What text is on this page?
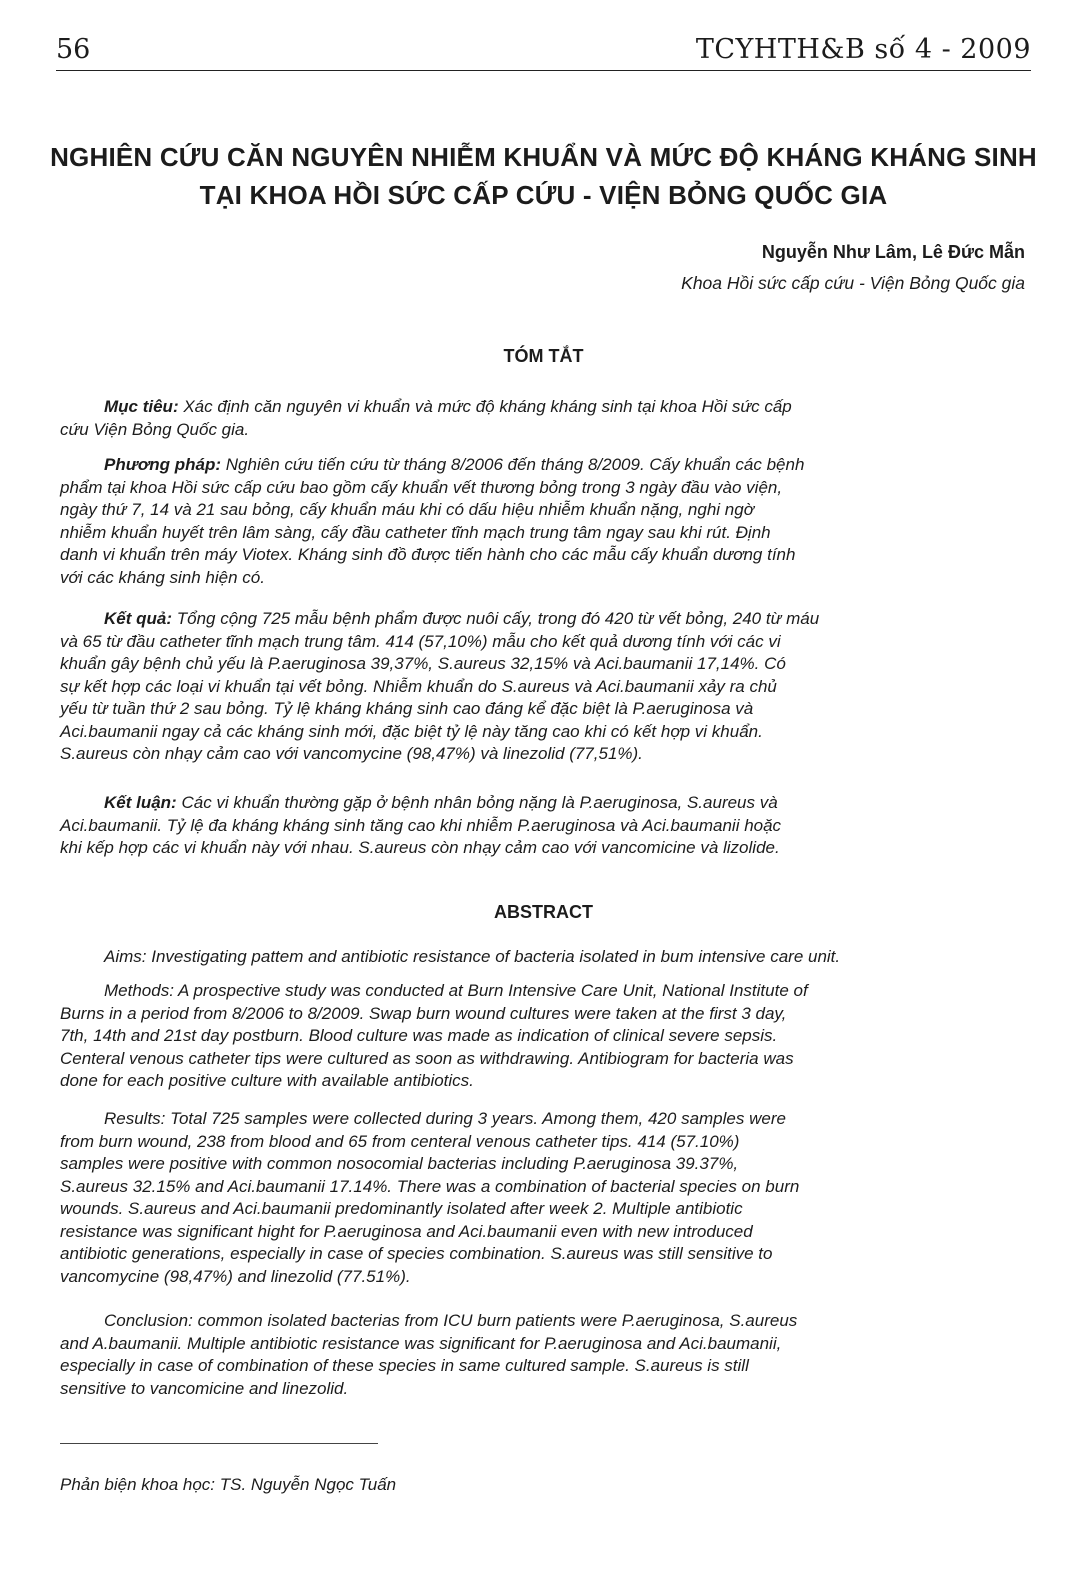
56	TCYHTH&B số 4 - 2009
NGHIÊN CỨU CĂN NGUYÊN NHIỄM KHUẨN VÀ MỨC ĐỘ KHÁNG KHÁNG SINH
TẠI KHOA HỒI SỨC CẤP CỨU - VIỆN BỎNG QUỐC GIA
Nguyễn Như Lâm, Lê Đức Mẫn
Khoa Hồi sức cấp cứu - Viện Bỏng Quốc gia
TÓM TẮT
Mục tiêu: Xác định căn nguyên vi khuẩn và mức độ kháng kháng sinh tại khoa Hồi sức cấp
cứu Viện Bỏng Quốc gia.
Phương pháp: Nghiên cứu tiến cứu từ tháng 8/2006 đến tháng 8/2009. Cấy khuẩn các bệnh
phẩm tại khoa Hồi sức cấp cứu bao gồm cấy khuẩn vết thương bỏng trong 3 ngày đầu vào viện,
ngày thứ 7, 14 và 21 sau bỏng, cấy khuẩn máu khi có dấu hiệu nhiễm khuẩn nặng, nghi ngờ
nhiễm khuẩn huyết trên lâm sàng, cấy đầu catheter tĩnh mạch trung tâm ngay sau khi rút. Định
danh vi khuẩn trên máy Viotex. Kháng sinh đồ được tiến hành cho các mẫu cấy khuẩn dương tính
với các kháng sinh hiện có.
Kết quả: Tổng cộng 725 mẫu bệnh phẩm được nuôi cấy, trong đó 420 từ vết bỏng, 240 từ máu
và 65 từ đầu catheter tĩnh mạch trung tâm. 414 (57,10%) mẫu cho kết quả dương tính với các vi
khuẩn gây bệnh chủ yếu là P.aeruginosa 39,37%, S.aureus 32,15% và Aci.baumanii 17,14%. Có
sự kết hợp các loại vi khuẩn tại vết bỏng. Nhiễm khuẩn do S.aureus và Aci.baumanii xảy ra chủ
yếu từ tuần thứ 2 sau bỏng. Tỷ lệ kháng kháng sinh cao đáng kể đặc biệt là P.aeruginosa và
Aci.baumanii ngay cả các kháng sinh mới, đặc biệt tỷ lệ này tăng cao khi có kết hợp vi khuẩn.
S.aureus còn nhạy cảm cao với vancomycine (98,47%) và linezolid (77,51%).
Kết luận: Các vi khuẩn thường gặp ở bệnh nhân bỏng nặng là P.aeruginosa, S.aureus và
Aci.baumanii. Tỷ lệ đa kháng kháng sinh tăng cao khi nhiễm P.aeruginosa và Aci.baumanii hoặc
khi kếp hợp các vi khuẩn này với nhau. S.aureus còn nhạy cảm cao với vancomicine và lizolide.
ABSTRACT
Aims: Investigating pattem and antibiotic resistance of bacteria isolated in bum intensive care unit.
Methods: A prospective study was conducted at Burn Intensive Care Unit, National Institute of
Burns in a period from 8/2006 to 8/2009. Swap burn wound cultures were taken at the first 3 day,
7th, 14th and 21st day postburn. Blood culture was made as indication of clinical severe sepsis.
Centeral venous catheter tips were cultured as soon as withdrawing. Antibiogram for bacteria was
done for each positive culture with available antibiotics.
Results: Total 725 samples were collected during 3 years. Among them, 420 samples were
from burn wound, 238 from blood and 65 from centeral venous catheter tips. 414 (57.10%)
samples were positive with common nosocomial bacterias including P.aeruginosa 39.37%,
S.aureus 32.15% and Aci.baumanii 17.14%. There was a combination of bacterial species on burn
wounds. S.aureus and Aci.baumanii predominantly isolated after week 2. Multiple antibiotic
resistance was significant hight for P.aeruginosa and Aci.baumanii even with new introduced
antibiotic generations, especially in case of species combination. S.aureus was still sensitive to
vancomycine (98,47%) and linezolid (77.51%).
Conclusion: common isolated bacterias from ICU burn patients were P.aeruginosa, S.aureus
and A.baumanii. Multiple antibiotic resistance was significant for P.aeruginosa and Aci.baumanii,
especially in case of combination of these species in same cultured sample. S.aureus is still
sensitive to vancomicine and linezolid.
Phản biện khoa học: TS. Nguyễn Ngọc Tuấn
